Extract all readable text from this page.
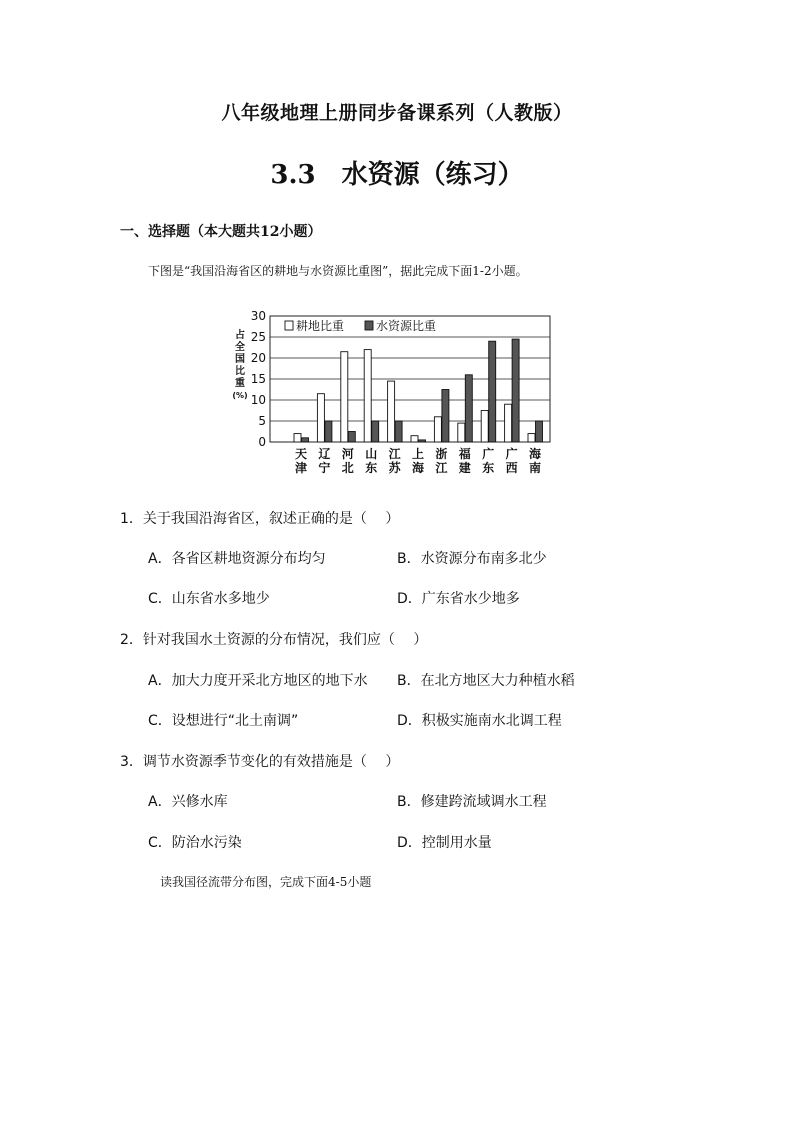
八年级地理上册同步备课系列（人教版）
3.3　水资源（练习）
一、选择题（本大题共12小题）
下图是“我国沿海省区的耕地与水资源比重图”，据此完成下面1-2小题。
0
5
10
15
20
25
30
占
全
国
比
重
(%)
天
津
辽
宁
河
北
山
东
江
苏
上
海
浙
江
福
建
广
东
广
西
海
南
耕地比重	水资源比重
1．关于我国沿海省区，叙述正确的是（　 ）
A．各省区耕地资源分布均匀	B．水资源分布南多北少
C．山东省水多地少	D．广东省水少地多
2．针对我国水土资源的分布情况，我们应（　 ）
A．加大力度开采北方地区的地下水 B．在北方地区大力种植水稻
C．设想进行“北土南调”	D．积极实施南水北调工程
3．调节水资源季节变化的有效措施是（　 ）
A．兴修水库	B．修建跨流域调水工程
C．防治水污染	D．控制用水量
读我国径流带分布图，完成下面4-5小题
